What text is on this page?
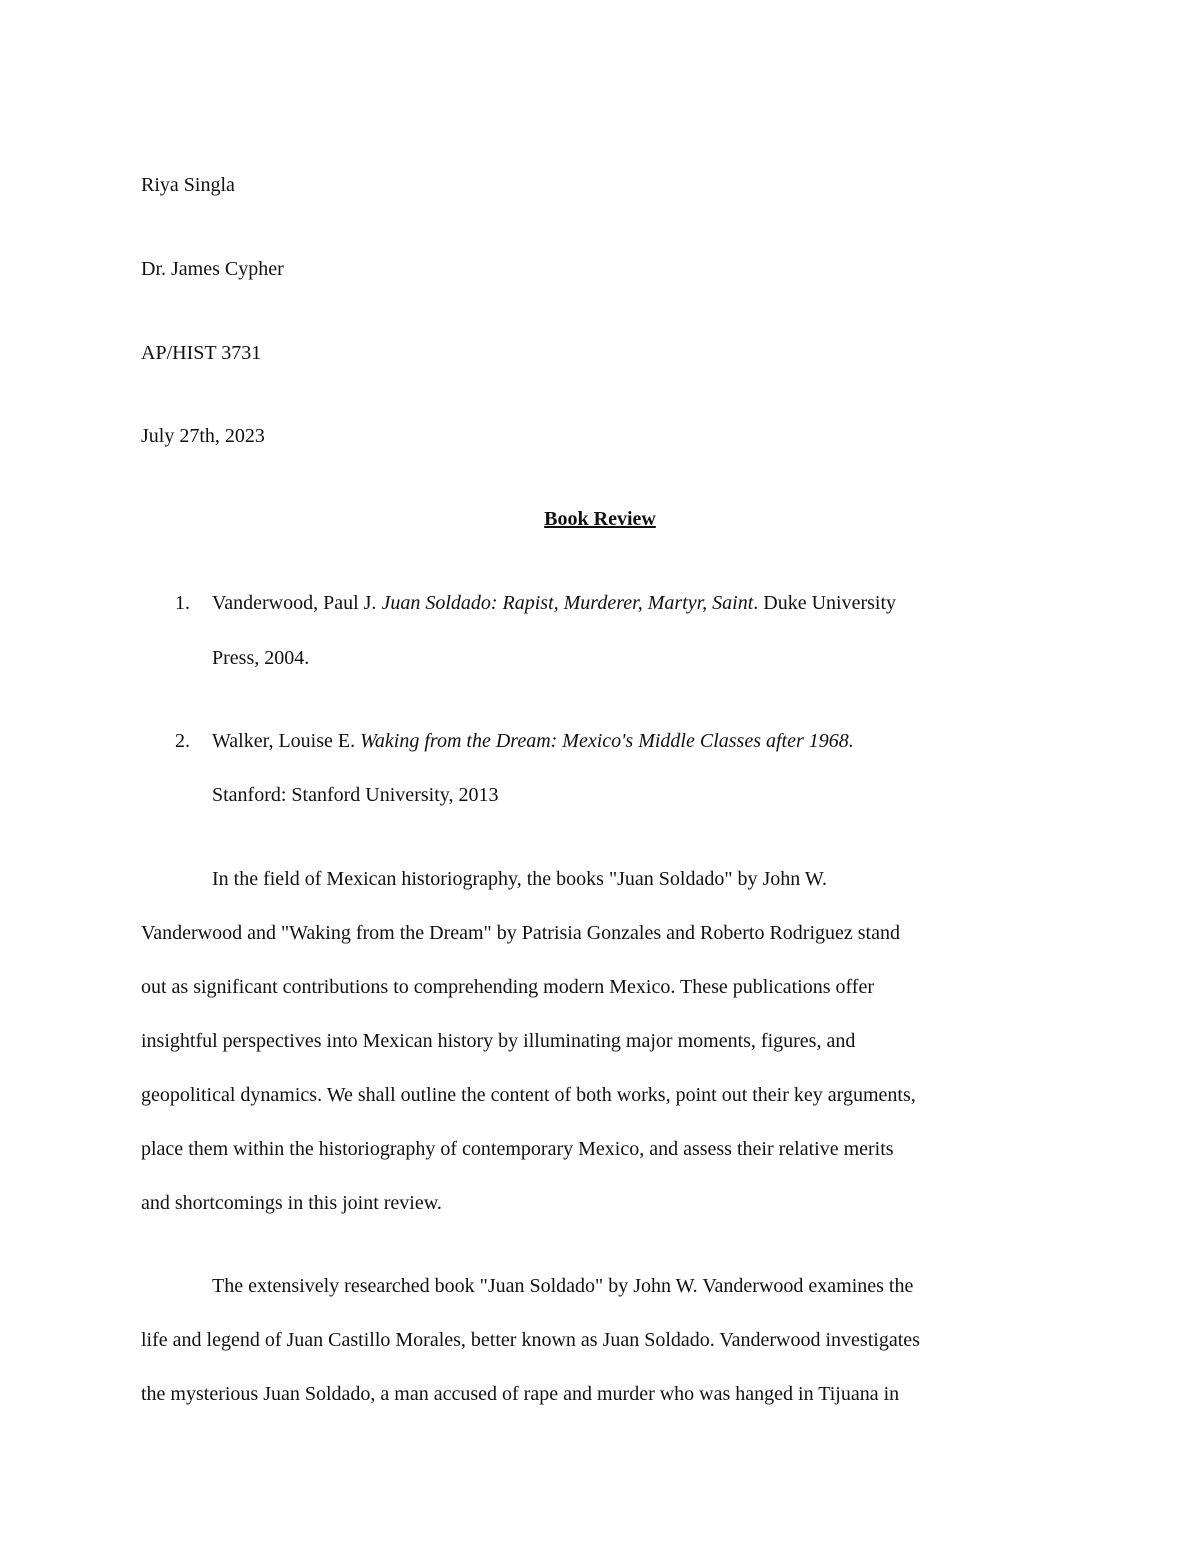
Riya Singla
Dr. James Cypher
AP/HIST 3731
July 27th, 2023
Book Review
1. Vanderwood, Paul J. Juan Soldado: Rapist, Murderer, Martyr, Saint. Duke University
Press, 2004.
2. Walker, Louise E. Waking from the Dream: Mexico's Middle Classes after 1968.
Stanford: Stanford University, 2013
In the field of Mexican historiography, the books "Juan Soldado" by John W.
Vanderwood and "Waking from the Dream" by Patrisia Gonzales and Roberto Rodriguez stand
out as significant contributions to comprehending modern Mexico. These publications offer
insightful perspectives into Mexican history by illuminating major moments, figures, and
geopolitical dynamics. We shall outline the content of both works, point out their key arguments,
place them within the historiography of contemporary Mexico, and assess their relative merits
and shortcomings in this joint review.
The extensively researched book "Juan Soldado" by John W. Vanderwood examines the
life and legend of Juan Castillo Morales, better known as Juan Soldado. Vanderwood investigates
the mysterious Juan Soldado, a man accused of rape and murder who was hanged in Tijuana in
